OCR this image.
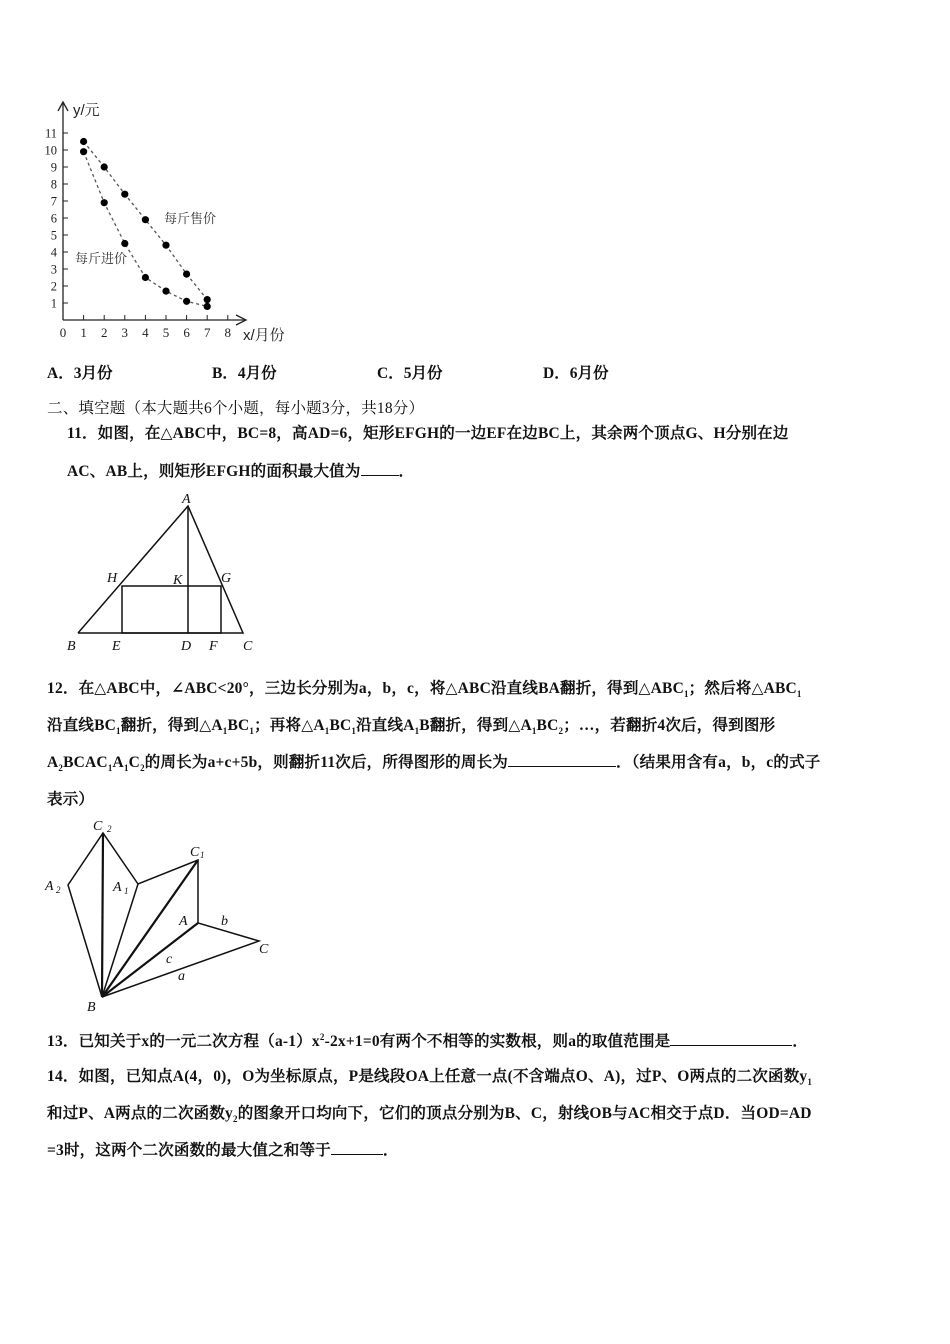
1
2
3
4
5
6
7
8
9
10
11
0 1 2 3 4 5 6 7 8
y/元
x/月份
每斤售价
每斤进价
A．3月份	B．4月份	C．5月份	D．6月份
二、填空题（本大题共6个小题，每小题3分，共18分）
11．如图，在△ABC中，BC=8，高AD=6，矩形EFGH的一边EF在边BC上，其余两个顶点G、H分别在边
AC、AB上，则矩形EFGH的面积最大值为 ．
A
B	C
D
E	F
G
H	K
12．在△ABC中，∠ABC<20°，三边长分别为a，b，c，将△ABC沿直线BA翻折，得到$\triangle ABC_1$；然后将$\triangle ABC_1$
沿直线$BC_1$翻折，得到$\triangle A_1BC_1$；再将$\triangle A_1BC_1$沿直线$A_1B$翻折，得到$\triangle A_1BC_2$；…，若翻折4次后，得到图形
$A_2BCAC_1A_1C_2$的周长为a+c+5b，则翻折11次后，所得图形的周长为	．（结果用含有a，b，c的式子
表示）
C 2
A 2	A 1
C 1
A b
C
c
a
B
13．已知关于x的一元二次方程$(a-1)x^2-2x+1=0$有两个不相等的实数根，则a的取值范围是	．
14．如图，已知点A(4，0)，O为坐标原点，P是线段OA上任意一点(不含端点O、A)，过P、O两点的二次函数$y_1$
和过P、A两点的二次函数$y_2$的图象开口均向下，它们的顶点分别为B、C，射线OB与AC相交于点D．当OD=AD
=3时，这两个二次函数的最大值之和等于	．
